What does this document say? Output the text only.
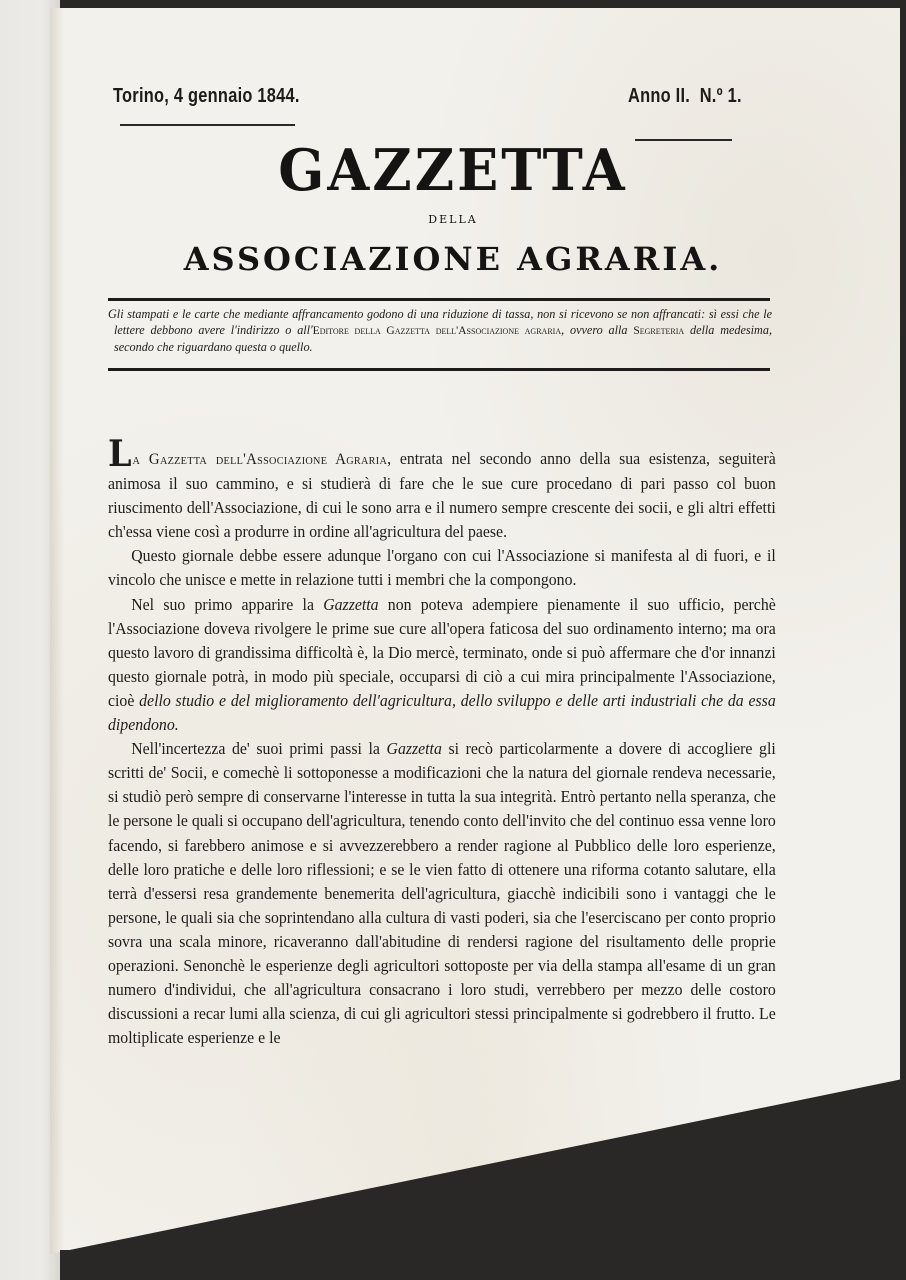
Torino, 4 gennaio 1844.	Anno II.  N.º 1.
GAZZETTA
DELLA
ASSOCIAZIONE AGRARIA.

Gli stampati e le carte che mediante affrancamento godono di una riduzione di tassa, non si ricevono se non affrancati: sì essi che le lettere debbono avere l'indirizzo o all'Editore della Gazzetta dell'Associazione agraria, ovvero alla Segreteria della medesima, secondo che riguardano questa o quello.

La Gazzetta dell'Associazione Agraria, entrata nel secondo anno della sua esistenza, seguiterà animosa il suo cammino, e si studierà di fare che le sue cure procedano di pari passo col buon riuscimento dell'Associazione, di cui le sono arra e il numero sempre crescente dei socii, e gli altri effetti ch'essa viene così a produrre in ordine all'agricultura del paese.

Questo giornale debbe essere adunque l'organo con cui l'Associazione si manifesta al di fuori, e il vincolo che unisce e mette in relazione tutti i membri che la compongono.

Nel suo primo apparire la Gazzetta non poteva adempiere pienamente il suo ufficio, perchè l'Associazione doveva rivolgere le prime sue cure all'opera faticosa del suo ordinamento interno; ma ora questo lavoro di grandissima difficoltà è, la Dio mercè, terminato, onde si può affermare che d'or innanzi questo giornale potrà, in modo più speciale, occuparsi di ciò a cui mira principalmente l'Associazione, cioè dello studio e del miglioramento dell'agricultura, dello sviluppo e delle arti industriali che da essa dipendono.

Nell'incertezza de' suoi primi passi la Gazzetta si recò particolarmente a dovere di accogliere gli scritti de' Socii, e comechè li sottoponesse a modificazioni che la natura del giornale rendeva necessarie, si studiò però sempre di conservarne l'interesse in tutta la sua integrità. Entrò pertanto nella speranza, che le persone le quali si occupano dell'agricultura, tenendo conto dell'invito che del continuo essa venne loro facendo, si farebbero animose e si avvezzerebbero a render ragione al Pubblico delle loro esperienze, delle loro pratiche e delle loro riflessioni; e se le vien fatto di ottenere una riforma cotanto salutare, ella terrà d'essersi resa grandemente benemerita dell'agricultura, giacchè indicibili sono i vantaggi che le persone, le quali sia che soprintendano alla cultura di vasti poderi, sia che l'eserciscano per conto proprio sovra una scala minore, ricaveranno dall'abitudine di rendersi ragione del risultamento delle proprie operazioni. Senonchè le esperienze degli agricultori sottoposte per via della stampa all'esame di un gran numero d'individui, che all'agricultura consacrano i loro studi, verrebbero per mezzo delle costoro discussioni a recar lumi alla scienza, di cui gli agricultori stessi principalmente si godrebbero il frutto. Le moltiplicate esperienze e le
